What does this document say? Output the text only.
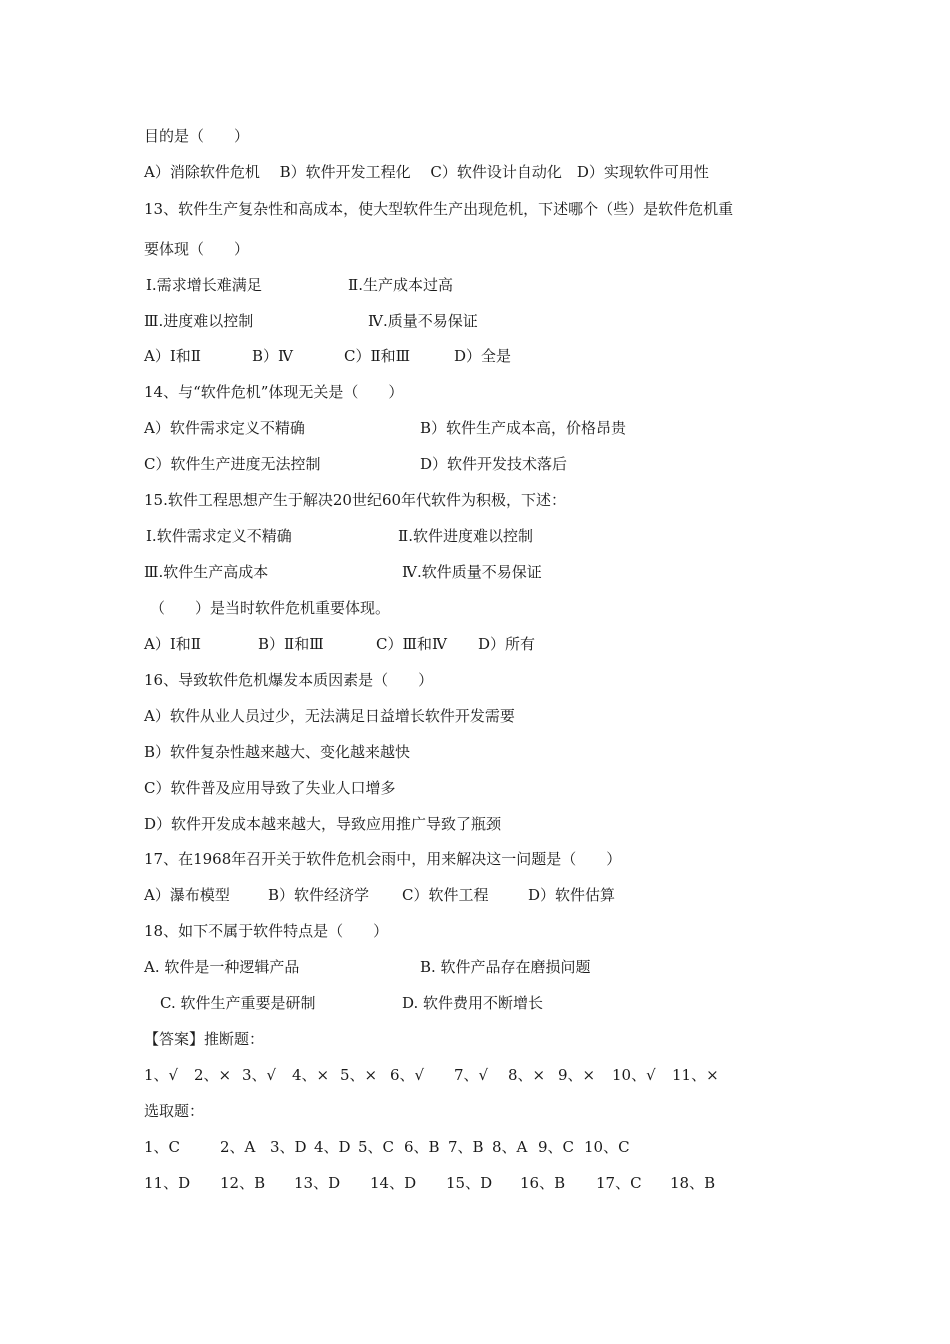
目的是（　　）
A）消除软件危机　 B）软件开发工程化　 C）软件设计自动化　D）实现软件可用性
13、软件生产复杂性和高成本，使大型软件生产出现危机，下述哪个（些）是软件危机重
要体现（　　）
Ⅰ.需求增长难满足	Ⅱ.生产成本过高
Ⅲ.进度难以控制	Ⅳ.质量不易保证
A）Ⅰ和Ⅱ	B）Ⅳ	C）Ⅱ和Ⅲ	D）全是
14、与“软件危机”体现无关是（　　）
A）软件需求定义不精确	B）软件生产成本高，价格昂贵
C）软件生产进度无法控制	D）软件开发技术落后
15.软件工程思想产生于解决20世纪60年代软件为积极，下述：
Ⅰ.软件需求定义不精确	Ⅱ.软件进度难以控制
Ⅲ.软件生产高成本	Ⅳ.软件质量不易保证
（　　）是当时软件危机重要体现。
A）Ⅰ和Ⅱ	B）Ⅱ和Ⅲ	C）Ⅲ和Ⅳ D）所有
16、导致软件危机爆发本质因素是（　　）
A）软件从业人员过少，无法满足日益增长软件开发需要
B）软件复杂性越来越大、变化越来越快
C）软件普及应用导致了失业人口增多
D）软件开发成本越来越大，导致应用推广导致了瓶颈
17、在1968年召开关于软件危机会雨中，用来解决这一问题是（　　）
A）瀑布模型	B）软件经济学 C）软件工程	D）软件估算
18、如下不属于软件特点是（　　）
A. 软件是一种逻辑产品	B. 软件产品存在磨损问题
C. 软件生产重要是研制	D. 软件费用不断增长
【答案】推断题：
1、√ 2、× 3、√ 4、× 5、× 6、√ 7、√ 8、× 9、× 10、√ 11、×
选取题：
1、C	2、A 3、D 4、D 5、C 6、B 7、B 8、A 9、C 10、C
11、D 12、B 13、D 14、D 15、D 16、B 17、C 18、B
